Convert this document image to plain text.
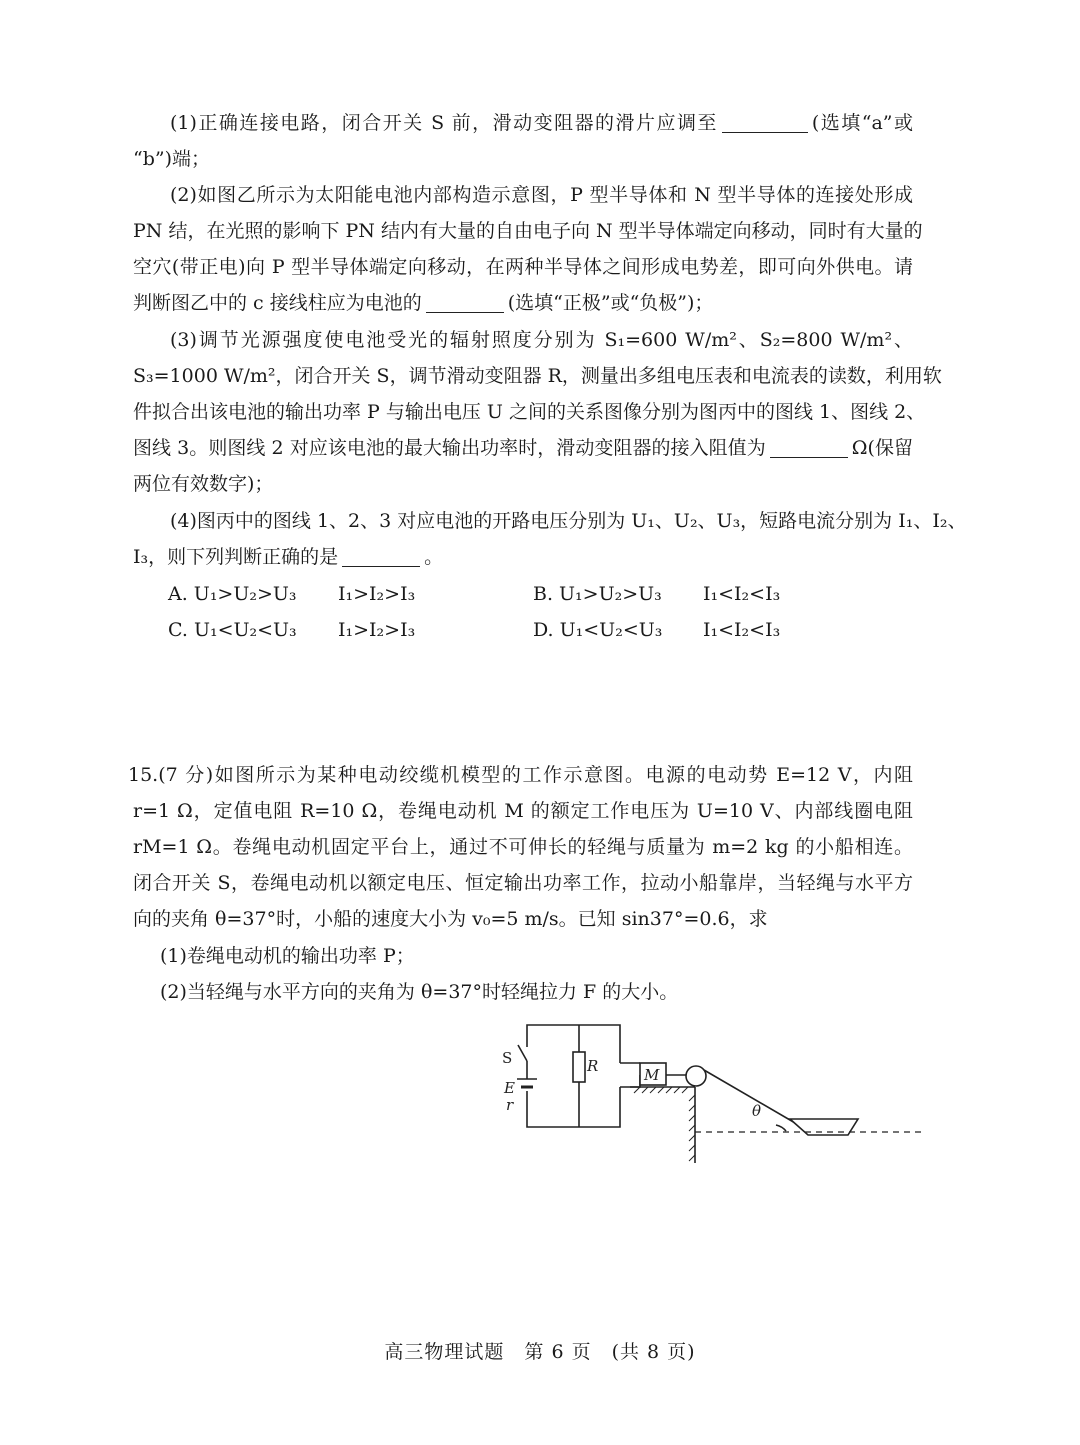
(1)正确连接电路，闭合开关 S 前，滑动变阻器的滑片应调至	(选填“a”或
“b”)端；
(2)如图乙所示为太阳能电池内部构造示意图，P 型半导体和 N 型半导体的连接处形成
PN 结，在光照的影响下 PN 结内有大量的自由电子向 N 型半导体端定向移动，同时有大量的
空穴(带正电)向 P 型半导体端定向移动，在两种半导体之间形成电势差，即可向外供电。请
判断图乙中的 c 接线柱应为电池的	(选填“正极”或“负极”)；
(3)调节光源强度使电池受光的辐射照度分别为 S₁=600 W/m²、S₂=800 W/m²、
S₃=1000 W/m²，闭合开关 S，调节滑动变阻器 R，测量出多组电压表和电流表的读数，利用软
件拟合出该电池的输出功率 P 与输出电压 U 之间的关系图像分别为图丙中的图线 1、图线 2、
图线 3。则图线 2 对应该电池的最大输出功率时，滑动变阻器的接入阻值为	Ω(保留
两位有效数字)；
(4)图丙中的图线 1、2、3 对应电池的开路电压分别为 U₁、U₂、U₃，短路电流分别为 I₁、I₂、
I₃，则下列判断正确的是	。
A. U₁>U₂>U₃ I₁>I₂>I₃	B. U₁>U₂>U₃ I₁<I₂<I₃
C. U₁<U₂<U₃ I₁>I₂>I₃	D. U₁<U₂<U₃ I₁<I₂<I₃
15.(7 分)如图所示为某种电动绞缆机模型的工作示意图。电源的电动势 E=12 V，内阻
r=1 Ω，定值电阻 R=10 Ω，卷绳电动机 M 的额定工作电压为 U=10 V、内部线圈电阻
rM=1 Ω。卷绳电动机固定平台上，通过不可伸长的轻绳与质量为 m=2 kg 的小船相连。
闭合开关 S，卷绳电动机以额定电压、恒定输出功率工作，拉动小船靠岸，当轻绳与水平方
向的夹角 θ=37°时，小船的速度大小为 v₀=5 m/s。已知 sin37°=0.6，求
(1)卷绳电动机的输出功率 P；
(2)当轻绳与水平方向的夹角为 θ=37°时轻绳拉力 F 的大小。
S
E
r
R	M
θ
高三物理试题　第 6 页　(共 8 页)
